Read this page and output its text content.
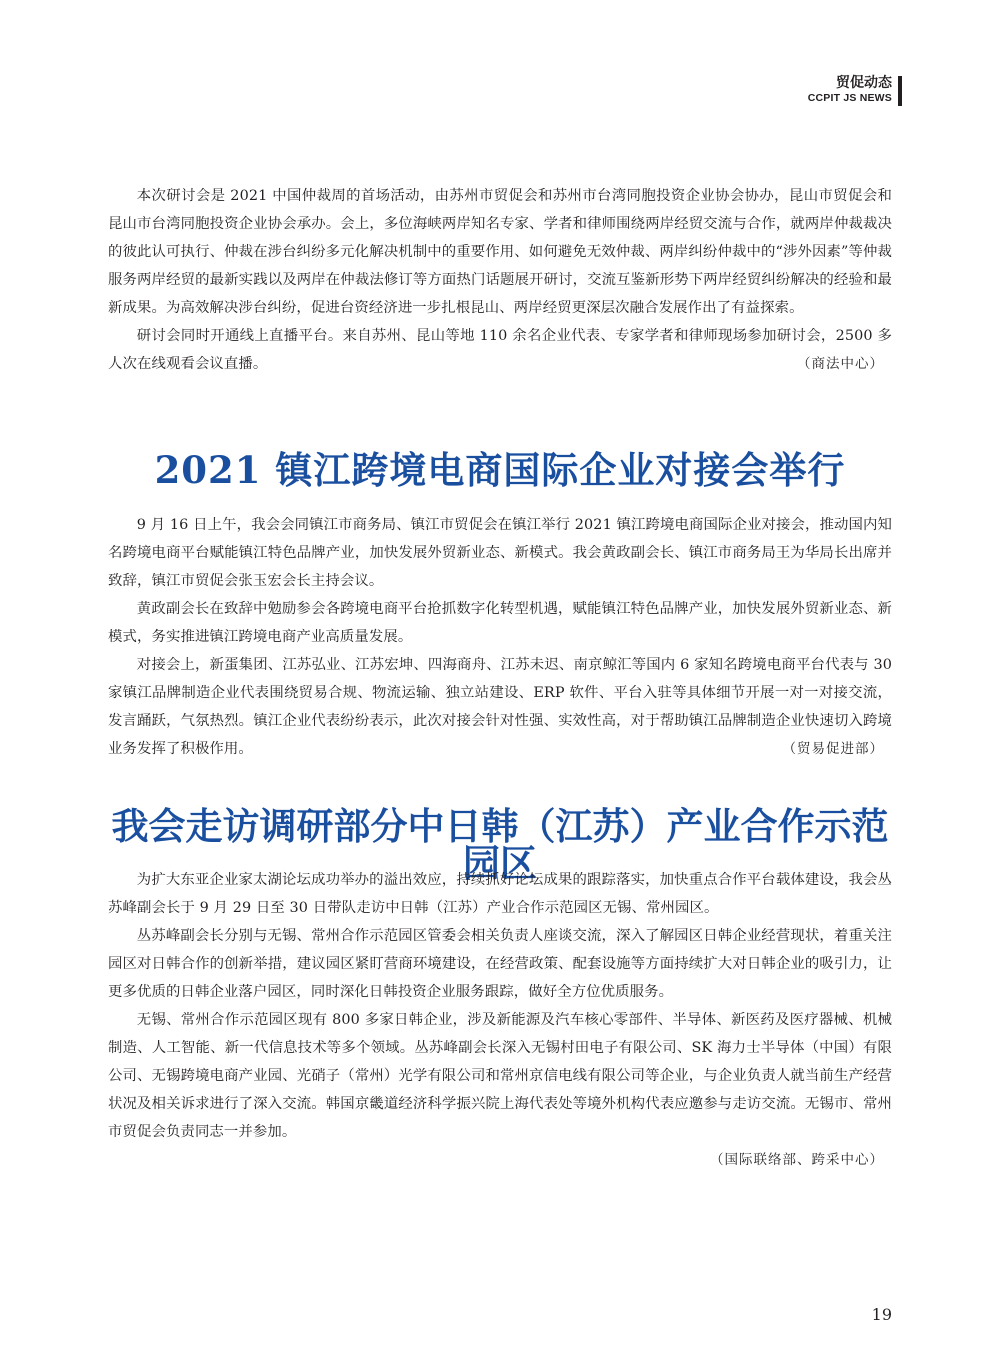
贸促动态
CCPIT JS NEWS

本次研讨会是 2021 中国仲裁周的首场活动，由苏州市贸促会和苏州市台湾同胞投资企业协会协办，昆山市贸促会和昆山市台湾同胞投资企业协会承办。会上，多位海峡两岸知名专家、学者和律师围绕两岸经贸交流与合作，就两岸仲裁裁决的彼此认可执行、仲裁在涉台纠纷多元化解决机制中的重要作用、如何避免无效仲裁、两岸纠纷仲裁中的“涉外因素”等仲裁服务两岸经贸的最新实践以及两岸在仲裁法修订等方面热门话题展开研讨，交流互鉴新形势下两岸经贸纠纷解决的经验和最新成果。为高效解决涉台纠纷，促进台资经济进一步扎根昆山、两岸经贸更深层次融合发展作出了有益探索。

研讨会同时开通线上直播平台。来自苏州、昆山等地 110 余名企业代表、专家学者和律师现场参加研讨会，2500 多人次在线观看会议直播。	（商法中心）
2021 镇江跨境电商国际企业对接会举行

9 月 16 日上午，我会会同镇江市商务局、镇江市贸促会在镇江举行 2021 镇江跨境电商国际企业对接会，推动国内知名跨境电商平台赋能镇江特色品牌产业，加快发展外贸新业态、新模式。我会黄政副会长、镇江市商务局王为华局长出席并致辞，镇江市贸促会张玉宏会长主持会议。

黄政副会长在致辞中勉励参会各跨境电商平台抢抓数字化转型机遇，赋能镇江特色品牌产业，加快发展外贸新业态、新模式，务实推进镇江跨境电商产业高质量发展。

对接会上，新蛋集团、江苏弘业、江苏宏坤、四海商舟、江苏未迟、南京鲸汇等国内 6 家知名跨境电商平台代表与 30 家镇江品牌制造企业代表围绕贸易合规、物流运输、独立站建设、ERP 软件、平台入驻等具体细节开展一对一对接交流，发言踊跃，气氛热烈。镇江企业代表纷纷表示，此次对接会针对性强、实效性高，对于帮助镇江品牌制造企业快速切入跨境业务发挥了积极作用。	（贸易促进部）
我会走访调研部分中日韩（江苏）产业合作示范园区

为扩大东亚企业家太湖论坛成功举办的溢出效应，持续抓好论坛成果的跟踪落实，加快重点合作平台载体建设，我会丛苏峰副会长于 9 月 29 日至 30 日带队走访中日韩（江苏）产业合作示范园区无锡、常州园区。

丛苏峰副会长分别与无锡、常州合作示范园区管委会相关负责人座谈交流，深入了解园区日韩企业经营现状，着重关注园区对日韩合作的创新举措，建议园区紧盯营商环境建设，在经营政策、配套设施等方面持续扩大对日韩企业的吸引力，让更多优质的日韩企业落户园区，同时深化日韩投资企业服务跟踪，做好全方位优质服务。

无锡、常州合作示范园区现有 800 多家日韩企业，涉及新能源及汽车核心零部件、半导体、新医药及医疗器械、机械制造、人工智能、新一代信息技术等多个领域。丛苏峰副会长深入无锡村田电子有限公司、SK 海力士半导体（中国）有限公司、无锡跨境电商产业园、光硝子（常州）光学有限公司和常州京信电线有限公司等企业，与企业负责人就当前生产经营状况及相关诉求进行了深入交流。韩国京畿道经济科学振兴院上海代表处等境外机构代表应邀参与走访交流。无锡市、常州市贸促会负责同志一并参加。

（国际联络部、跨采中心）
19
